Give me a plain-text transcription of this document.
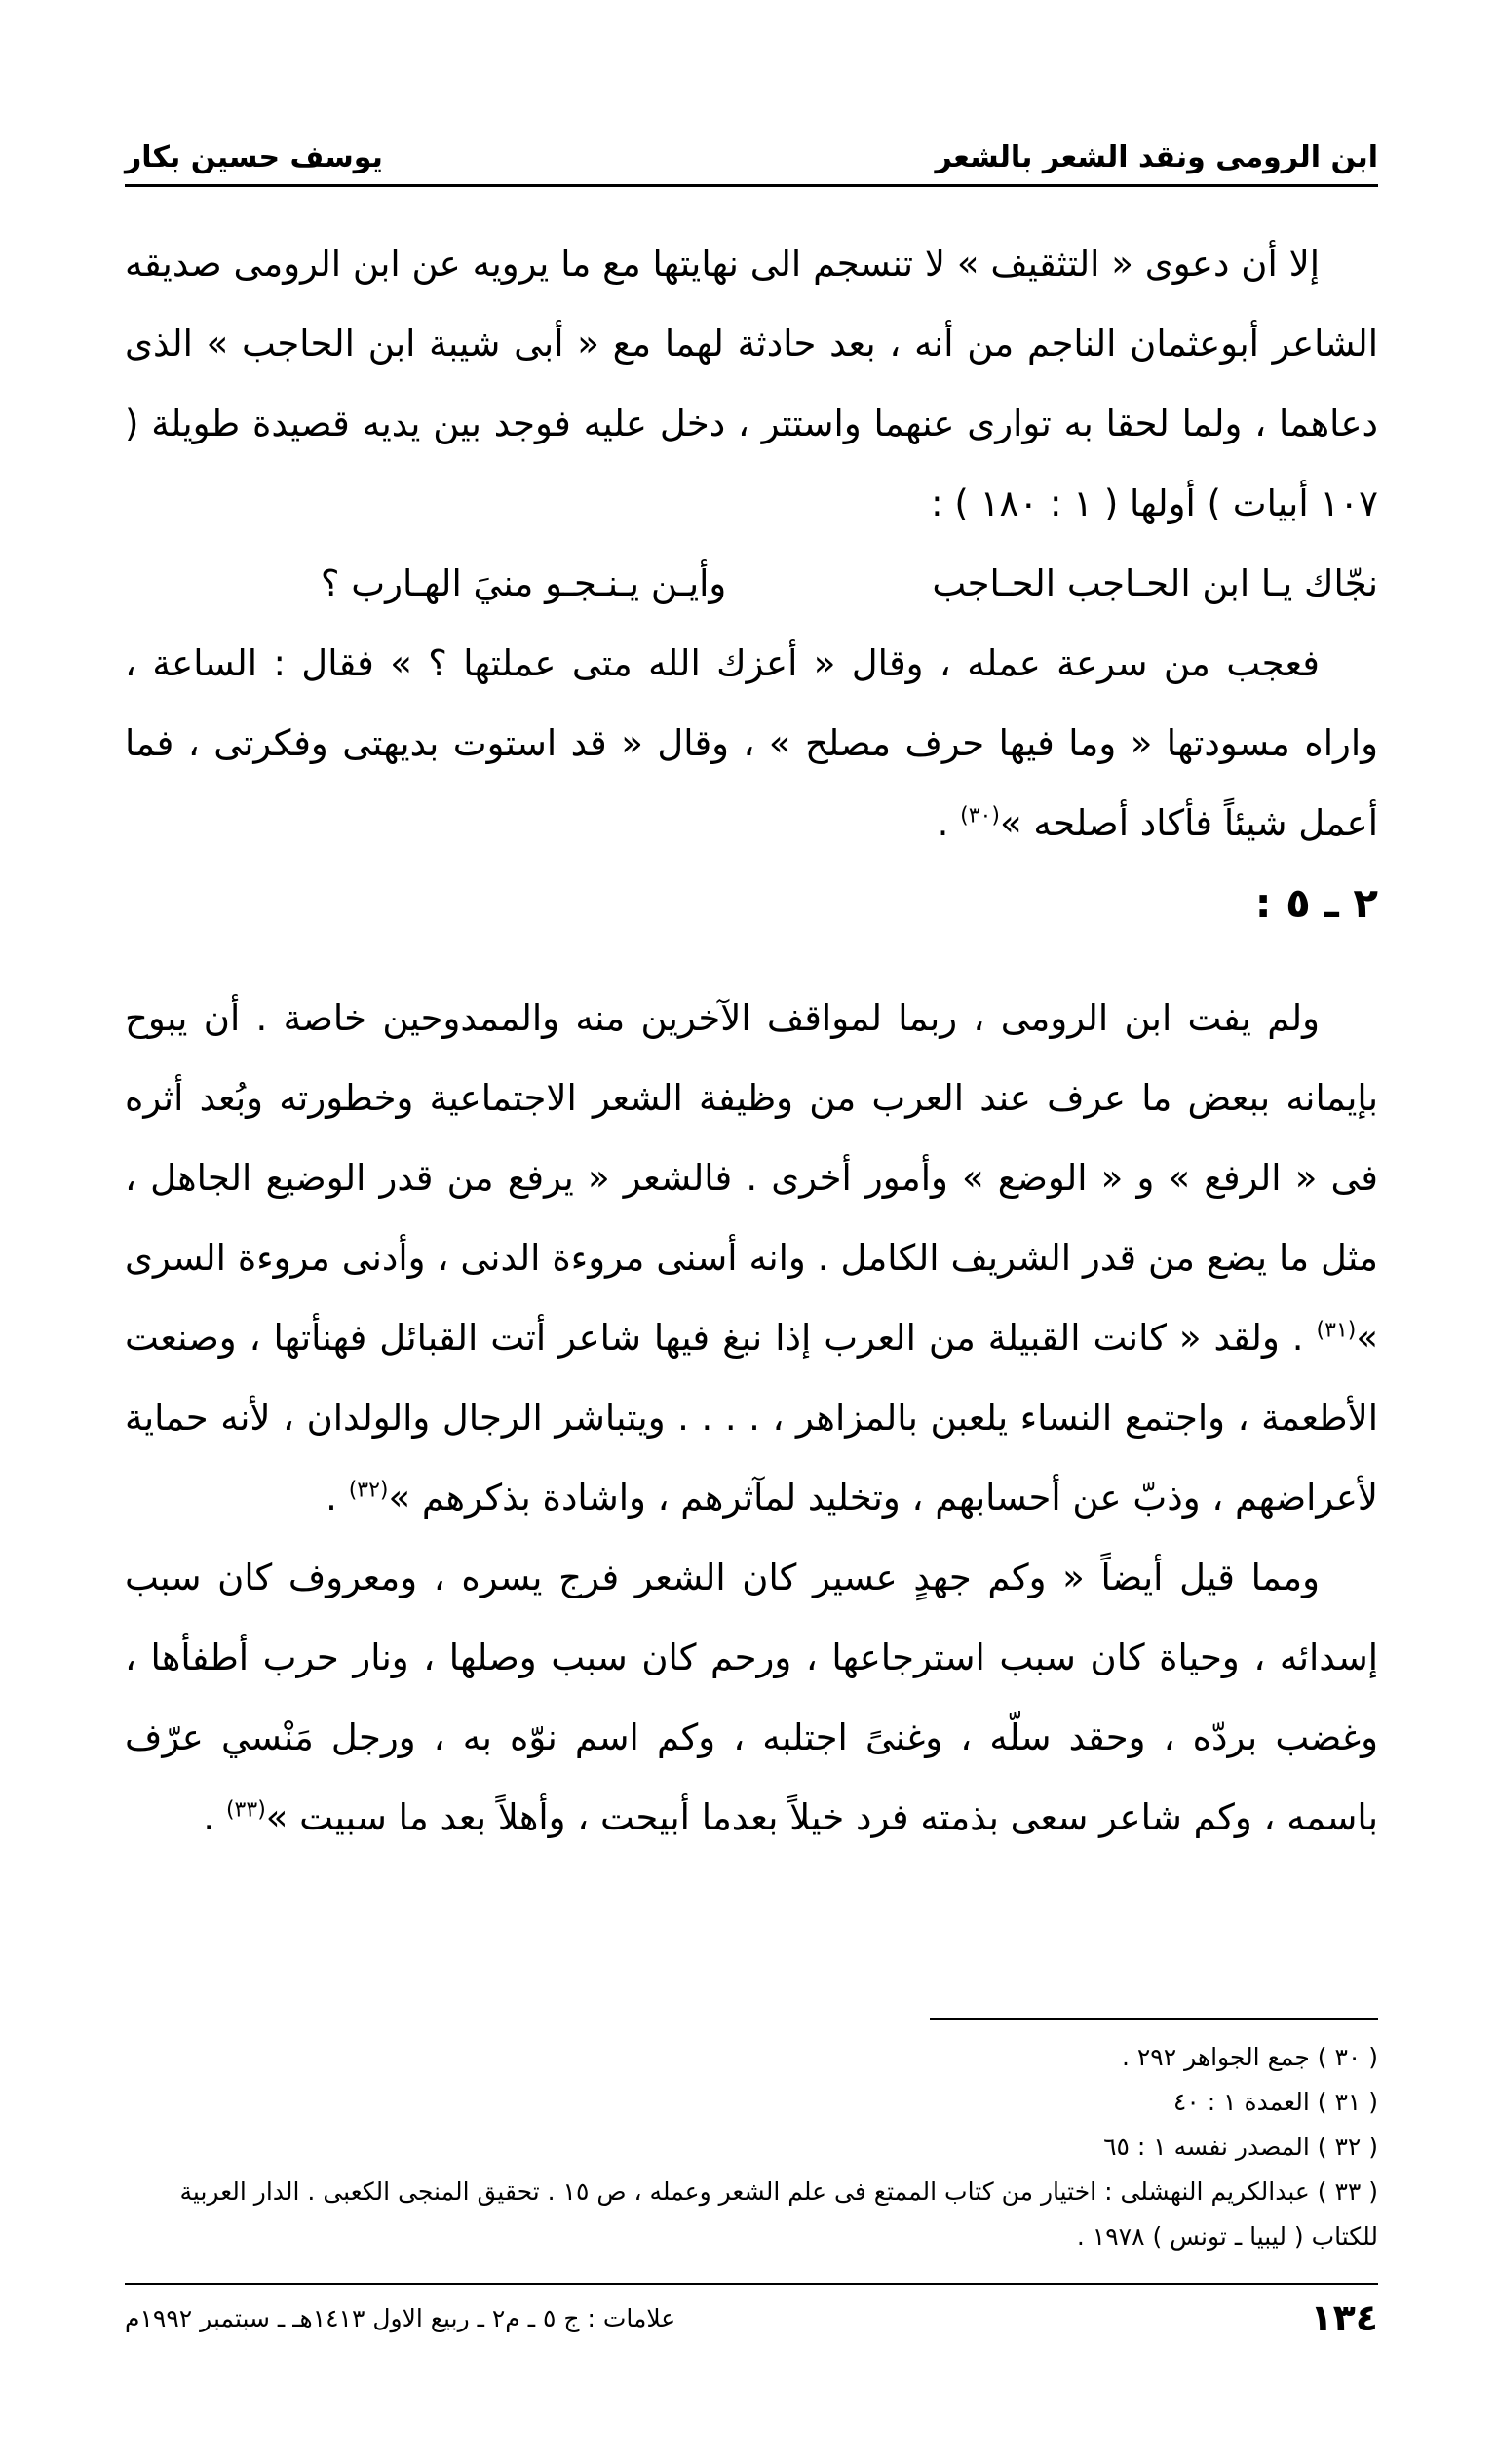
ابن الرومى ونقد الشعر بالشعر
يوسف حسين بكار

إلا أن دعوى « التثقيف » لا تنسجم الى نهايتها مع ما يرويه عن ابن الرومى صديقه الشاعر أبوعثمان الناجم من أنه ، بعد حادثة لهما مع « أبى شيبة ابن الحاجب » الذى دعاهما ، ولما لحقا به توارى عنهما واستتر ، دخل عليه فوجد بين يديه قصيدة طويلة ( ١٠٧ أبيات ) أولها ( ١ : ١٨٠ ) :

نجّاك يـا ابن الحـاجب الحـاجب
وأيـن يـنـجـو منيَ الهـارب ؟

فعجب من سرعة عمله ، وقال « أعزك الله متى عملتها ؟ » فقال : الساعة ، واراه مسودتها « وما فيها حرف مصلح » ، وقال « قد استوت بديهتى وفكرتى ، فما أعمل شيئاً فأكاد أصلحه »$^{(٣٠)}$ .

٢ ـ ٥ :

ولم يفت ابن الرومى ، ربما لمواقف الآخرين منه والممدوحين خاصة . أن يبوح بإيمانه ببعض ما عرف عند العرب من وظيفة الشعر الاجتماعية وخطورته وبُعد أثره فى « الرفع » و « الوضع » وأمور أخرى . فالشعر « يرفع من قدر الوضيع الجاهل ، مثل ما يضع من قدر الشريف الكامل . وانه أسنى مروءة الدنى ، وأدنى مروءة السرى »$^{(٣١)}$ . ولقد « كانت القبيلة من العرب إذا نبغ فيها شاعر أتت القبائل فهنأتها ، وصنعت الأطعمة ، واجتمع النساء يلعبن بالمزاهر ، . . . . ويتباشر الرجال والولدان ، لأنه حماية لأعراضهم ، وذبّ عن أحسابهم ، وتخليد لمآثرهم ، واشادة بذكرهم »$^{(٣٢)}$ .

ومما قيل أيضاً « وكم جهدٍ عسير كان الشعر فرج يسره ، ومعروف كان سبب إسدائه ، وحياة كان سبب استرجاعها ، ورحم كان سبب وصلها ، ونار حرب أطفأها ، وغضب بردّه ، وحقد سلّه ، وغنىً اجتلبه ، وكم اسم نوّه به ، ورجل مَنْسي عرّف باسمه ، وكم شاعر سعى بذمته فرد خيلاً بعدما أبيحت ، وأهلاً بعد ما سبيت »$^{(٣٣)}$ .

( ٣٠ ) جمع الجواهر ٢٩٢ .
( ٣١ ) العمدة ١ : ٤٠
( ٣٢ ) المصدر نفسه ١ : ٦٥
( ٣٣ ) عبدالكريم النهشلى : اختيار من كتاب الممتع فى علم الشعر وعمله ، ص ١٥ . تحقيق المنجى الكعبى . الدار العربية للكتاب ( ليبيا ـ تونس ) ١٩٧٨ .
١٣٤
علامات : ج ٥ ـ م٢ ـ ربيع الاول ١٤١٣هـ ـ سبتمبر ١٩٩٢م
